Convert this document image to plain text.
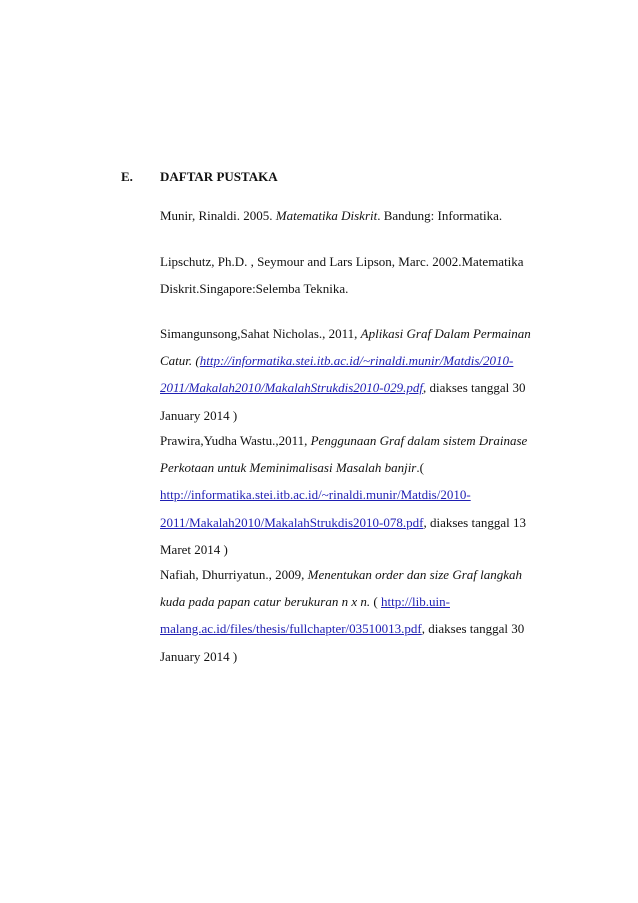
E. DAFTAR PUSTAKA
Munir, Rinaldi. 2005. Matematika Diskrit. Bandung: Informatika.
Lipschutz, Ph.D. , Seymour and Lars Lipson, Marc. 2002.Matematika
Diskrit.Singapore:Selemba Teknika.
Simangunsong,Sahat Nicholas., 2011, Aplikasi Graf Dalam Permainan
Catur. (http://informatika.stei.itb.ac.id/~rinaldi.munir/Matdis/2010-
2011/Makalah2010/MakalahStrukdis2010-029.pdf, diakses tanggal 30
January 2014 )
Prawira,Yudha Wastu.,2011, Penggunaan Graf dalam sistem Drainase
Perkotaan untuk Meminimalisasi Masalah banjir.(
http://informatika.stei.itb.ac.id/~rinaldi.munir/Matdis/2010-
2011/Makalah2010/MakalahStrukdis2010-078.pdf, diakses tanggal 13
Maret 2014 )
Nafiah, Dhurriyatun., 2009, Menentukan order dan size Graf langkah
kuda pada papan catur berukuran n x n. ( http://lib.uin-
malang.ac.id/files/thesis/fullchapter/03510013.pdf, diakses tanggal 30
January 2014 )
